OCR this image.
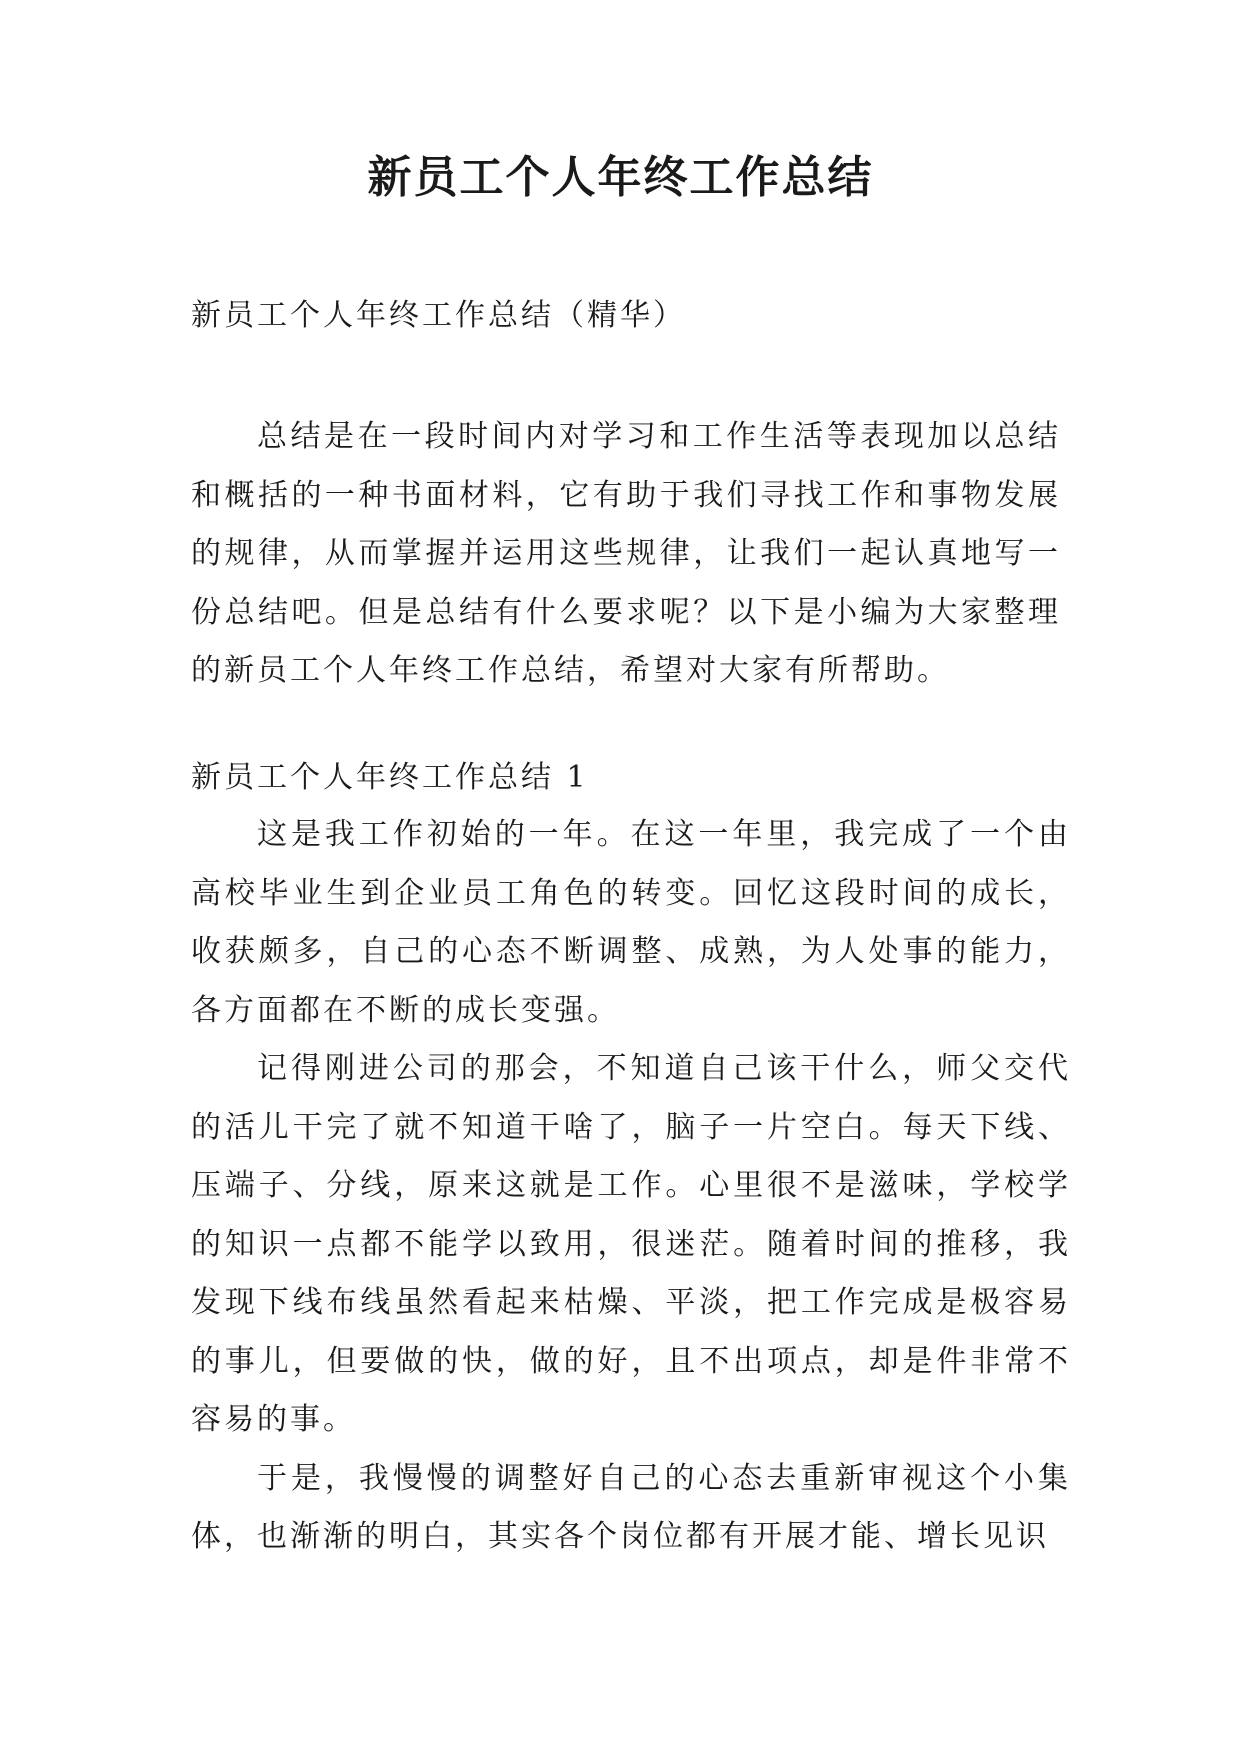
新员工个人年终工作总结

新员工个人年终工作总结（精华）

总结是在一段时间内对学习和工作生活等表现加以总结和概括的一种书面材料，它有助于我们寻找工作和事物发展的规律，从而掌握并运用这些规律，让我们一起认真地写一份总结吧。但是总结有什么要求呢？以下是小编为大家整理的新员工个人年终工作总结，希望对大家有所帮助。

新员工个人年终工作总结 1

这是我工作初始的一年。在这一年里，我完成了一个由高校毕业生到企业员工角色的转变。回忆这段时间的成长，收获颇多，自己的心态不断调整、成熟，为人处事的能力，各方面都在不断的成长变强。

记得刚进公司的那会，不知道自己该干什么，师父交代的活儿干完了就不知道干啥了，脑子一片空白。每天下线、压端子、分线，原来这就是工作。心里很不是滋味，学校学的知识一点都不能学以致用，很迷茫。随着时间的推移，我发现下线布线虽然看起来枯燥、平淡，把工作完成是极容易的事儿，但要做的快，做的好，且不出项点，却是件非常不容易的事。

于是，我慢慢的调整好自己的心态去重新审视这个小集体，也渐渐的明白，其实各个岗位都有开展才能、增长见识
